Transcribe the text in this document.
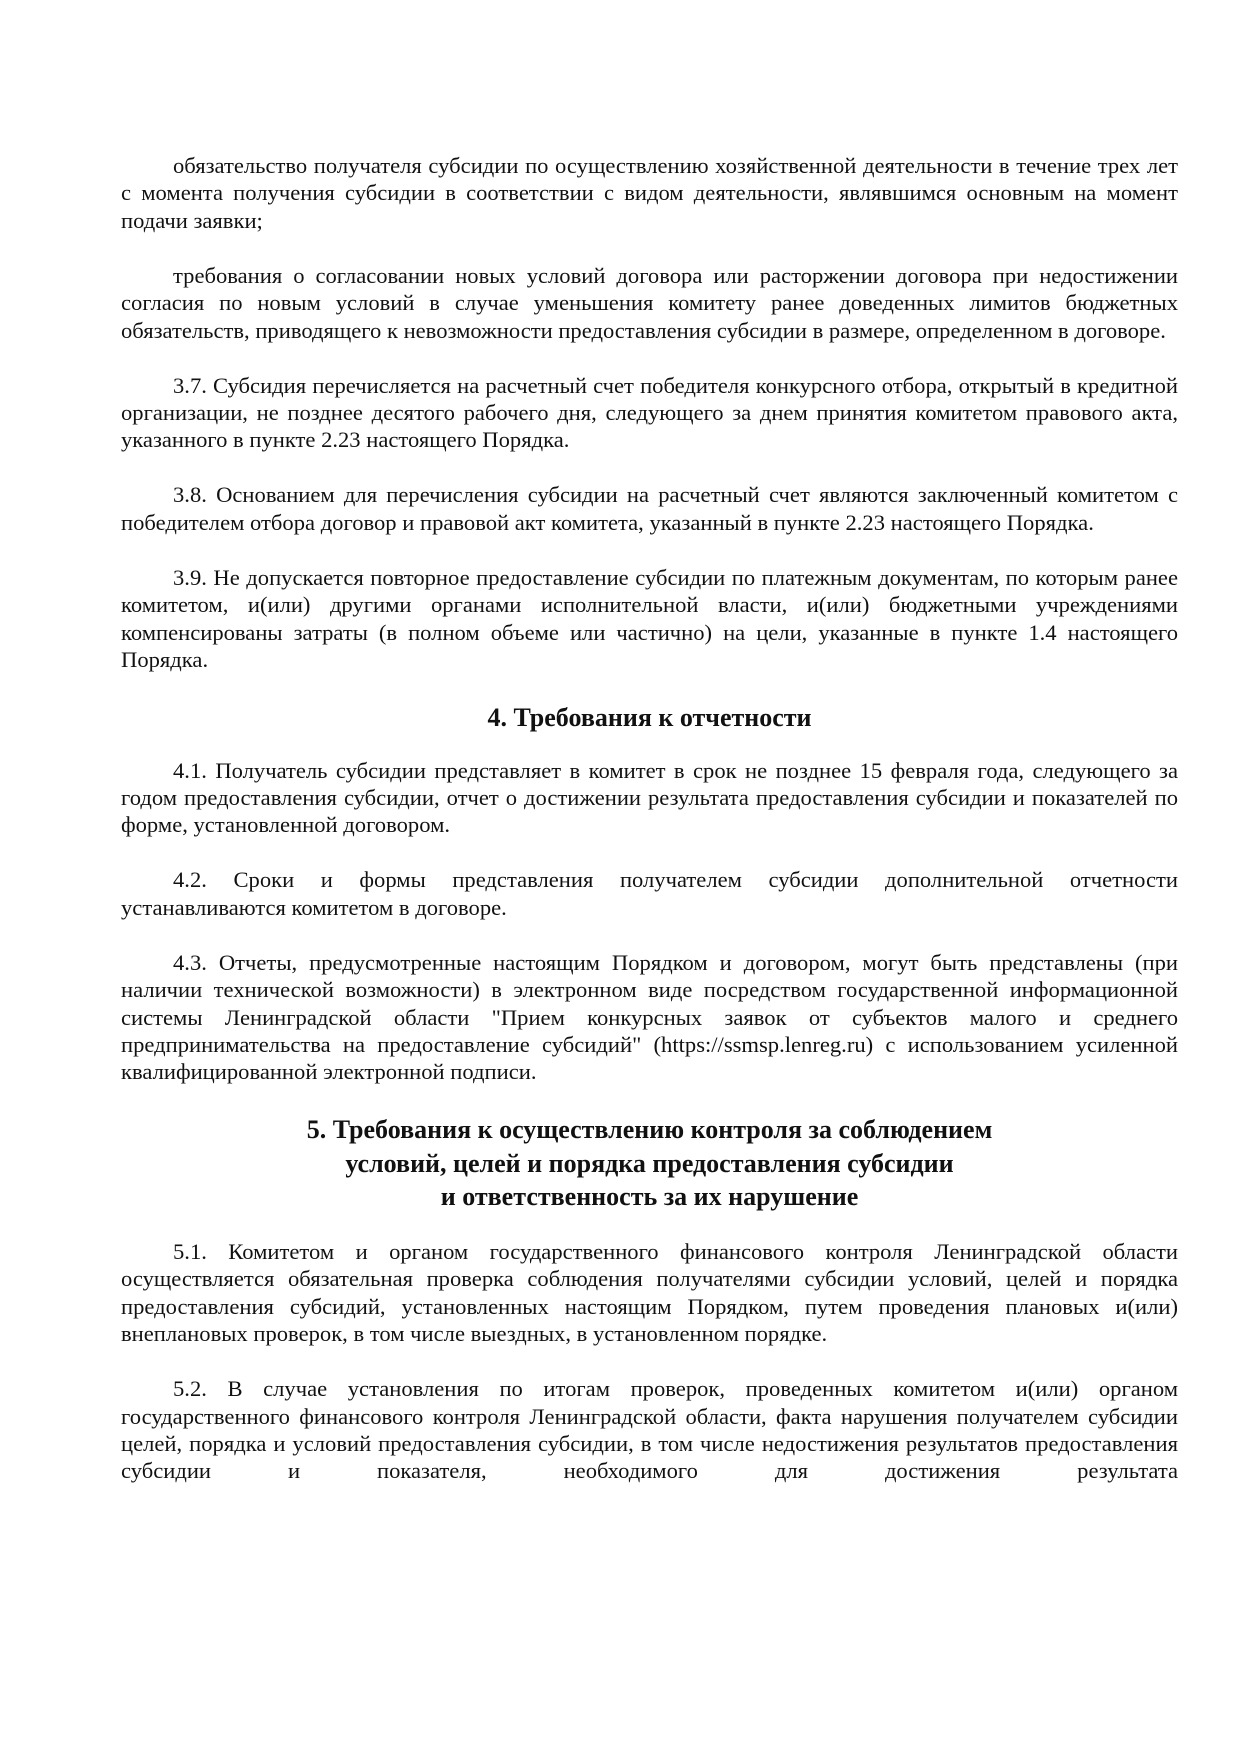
обязательство получателя субсидии по осуществлению хозяйственной деятельности в течение трех лет с момента получения субсидии в соответствии с видом деятельности, являвшимся основным на момент подачи заявки;

требования о согласовании новых условий договора или расторжении договора при недостижении согласия по новым условий в случае уменьшения комитету ранее доведенных лимитов бюджетных обязательств, приводящего к невозможности предоставления субсидии в размере, определенном в договоре.

3.7. Субсидия перечисляется на расчетный счет победителя конкурсного отбора, открытый в кредитной организации, не позднее десятого рабочего дня, следующего за днем принятия комитетом правового акта, указанного в пункте 2.23 настоящего Порядка.

3.8. Основанием для перечисления субсидии на расчетный счет являются заключенный комитетом с победителем отбора договор и правовой акт комитета, указанный в пункте 2.23 настоящего Порядка.

3.9. Не допускается повторное предоставление субсидии по платежным документам, по которым ранее комитетом, и(или) другими органами исполнительной власти, и(или) бюджетными учреждениями компенсированы затраты (в полном объеме или частично) на цели, указанные в пункте 1.4 настоящего Порядка.

4. Требования к отчетности

4.1. Получатель субсидии представляет в комитет в срок не позднее 15 февраля года, следующего за годом предоставления субсидии, отчет о достижении результата предоставления субсидии и показателей по форме, установленной договором.

4.2. Сроки и формы представления получателем субсидии дополнительной отчетности устанавливаются комитетом в договоре.

4.3. Отчеты, предусмотренные настоящим Порядком и договором, могут быть представлены (при наличии технической возможности) в электронном виде посредством государственной информационной системы Ленинградской области "Прием конкурсных заявок от субъектов малого и среднего предпринимательства на предоставление субсидий" (https://ssmsp.lenreg.ru) с использованием усиленной квалифицированной электронной подписи.

5. Требования к осуществлению контроля за соблюдением
условий, целей и порядка предоставления субсидии
и ответственность за их нарушение

5.1. Комитетом и органом государственного финансового контроля Ленинградской области осуществляется обязательная проверка соблюдения получателями субсидии условий, целей и порядка предоставления субсидий, установленных настоящим Порядком, путем проведения плановых и(или) внеплановых проверок, в том числе выездных, в установленном порядке.

5.2. В случае установления по итогам проверок, проведенных комитетом и(или) органом государственного финансового контроля Ленинградской области, факта нарушения получателем субсидии целей, порядка и условий предоставления субсидии, в том числе недостижения результатов предоставления субсидии и показателя, необходимого для достижения результата
